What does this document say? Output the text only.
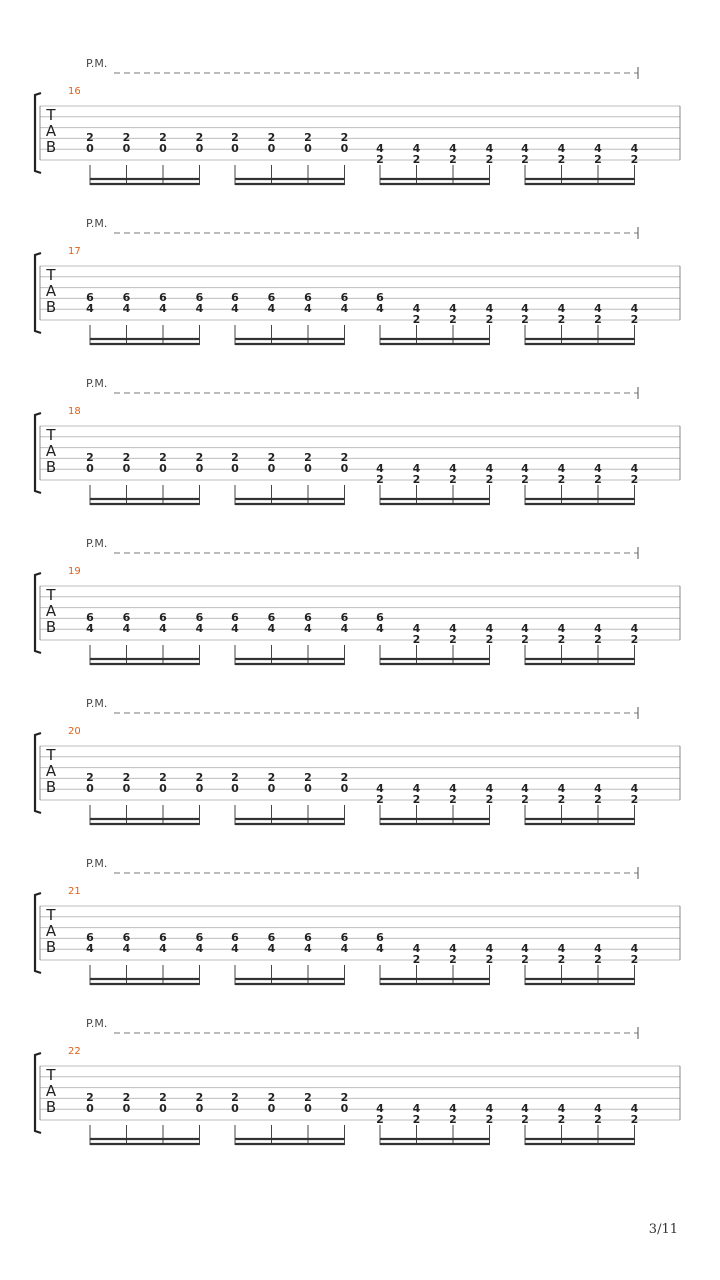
P.M.
16
T
A
B
2
0
2
0
2
0
2
0
2
0
2
0
2
0
2
0	4
2
4
2
4
2
4
2
4
2
4
2
4
2
4
2
P.M.
17
T
A
B
6
4
6
4
6
4
6
4
6
4
6
4
6
4
6
4
6
4	4
2
4
2
4
2
4
2
4
2
4
2
4
2
P.M.
18
T
A
B
2
0
2
0
2
0
2
0
2
0
2
0
2
0
2
0	4
2
4
2
4
2
4
2
4
2
4
2
4
2
4
2
P.M.
19
T
A
B
6
4
6
4
6
4
6
4
6
4
6
4
6
4
6
4
6
4	4
2
4
2
4
2
4
2
4
2
4
2
4
2
P.M.
20
T
A
B
2
0
2
0
2
0
2
0
2
0
2
0
2
0
2
0	4
2
4
2
4
2
4
2
4
2
4
2
4
2
4
2
P.M.
21
T
A
B
6
4
6
4
6
4
6
4
6
4
6
4
6
4
6
4
6
4	4
2
4
2
4
2
4
2
4
2
4
2
4
2
P.M.
22
T
A
B
2
0
2
0
2
0
2
0
2
0
2
0
2
0
2
0	4
2
4
2
4
2
4
2
4
2
4
2
4
2
4
2
3/11
